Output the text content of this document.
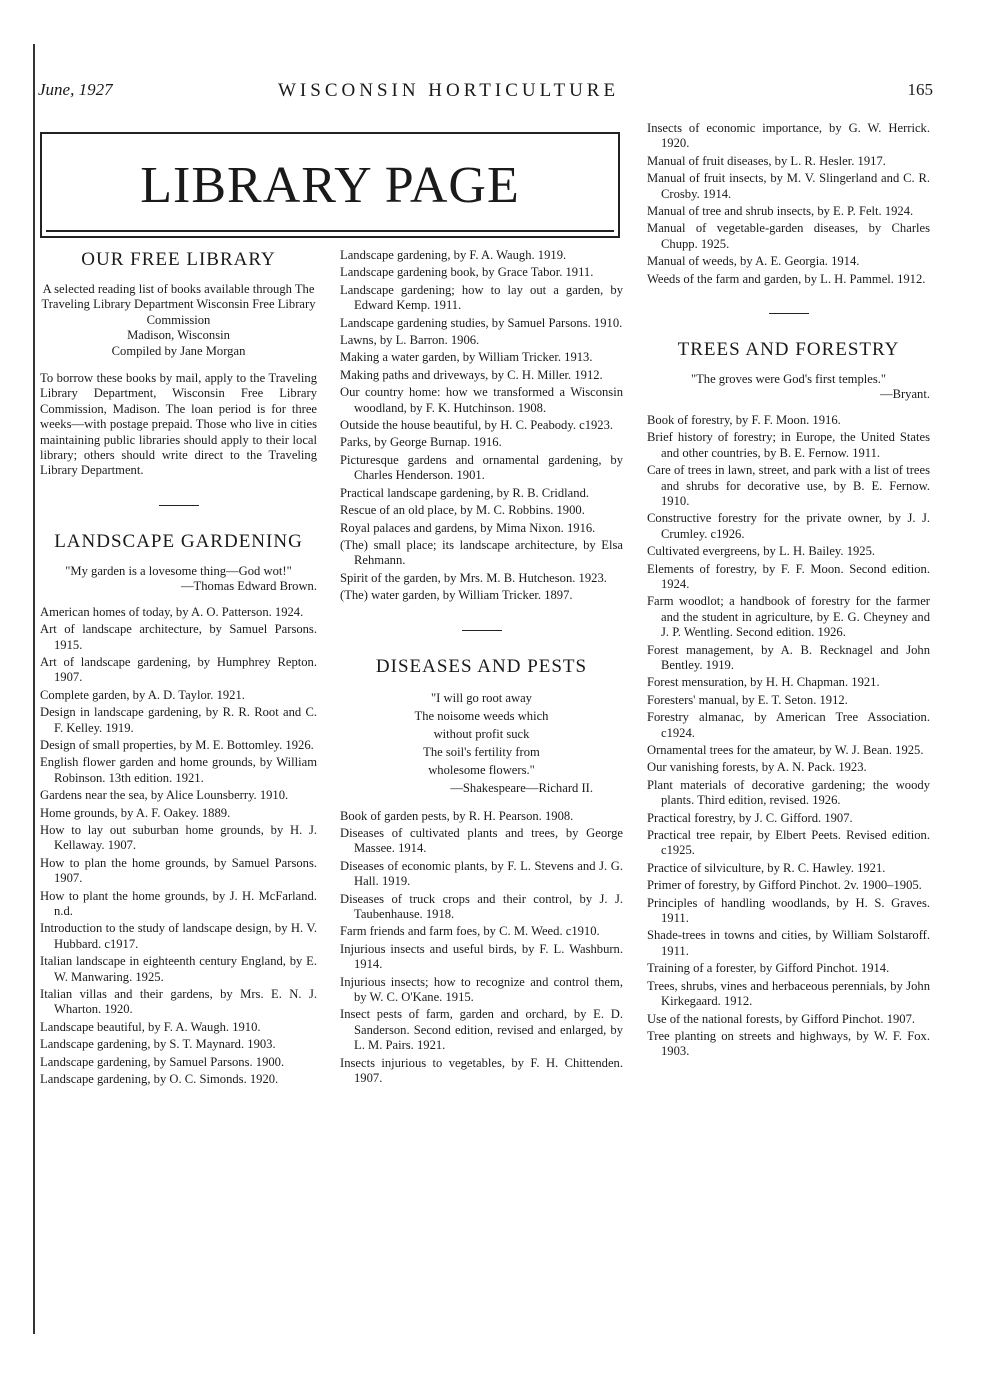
June, 1927	WISCONSIN HORTICULTURE	165
LIBRARY PAGE
OUR FREE LIBRARY

A selected reading list of books available through The Traveling Library Department Wisconsin Free Library Commission

Madison, Wisconsin

Compiled by Jane Morgan

To borrow these books by mail, apply to the Traveling Library Department, Wisconsin Free Library Commission, Madison. The loan period is for three weeks—with postage prepaid. Those who live in cities maintaining public libraries should apply to their local library; others should write direct to the Traveling Library Department.

LANDSCAPE GARDENING

"My garden is a lovesome thing—God wot!"

—Thomas Edward Brown.

American homes of today, by A. O. Patterson. 1924.

Art of landscape architecture, by Samuel Parsons. 1915.

Art of landscape gardening, by Humphrey Repton. 1907.

Complete garden, by A. D. Taylor. 1921.

Design in landscape gardening, by R. R. Root and C. F. Kelley. 1919.

Design of small properties, by M. E. Bottomley. 1926.

English flower garden and home grounds, by William Robinson. 13th edition. 1921.

Gardens near the sea, by Alice Lounsberry. 1910.

Home grounds, by A. F. Oakey. 1889.

How to lay out suburban home grounds, by H. J. Kellaway. 1907.

How to plan the home grounds, by Samuel Parsons. 1907.

How to plant the home grounds, by J. H. McFarland. n.d.

Introduction to the study of landscape design, by H. V. Hubbard. c1917.

Italian landscape in eighteenth century England, by E. W. Manwaring. 1925.

Italian villas and their gardens, by Mrs. E. N. J. Wharton. 1920.

Landscape beautiful, by F. A. Waugh. 1910.

Landscape gardening, by S. T. Maynard. 1903.

Landscape gardening, by Samuel Parsons. 1900.

Landscape gardening, by O. C. Simonds. 1920.

Landscape gardening, by F. A. Waugh. 1919.

Landscape gardening book, by Grace Tabor. 1911.

Landscape gardening; how to lay out a garden, by Edward Kemp. 1911.

Landscape gardening studies, by Samuel Parsons. 1910.

Lawns, by L. Barron. 1906.

Making a water garden, by William Tricker. 1913.

Making paths and driveways, by C. H. Miller. 1912.

Our country home: how we transformed a Wisconsin woodland, by F. K. Hutchinson. 1908.

Outside the house beautiful, by H. C. Peabody. c1923.

Parks, by George Burnap. 1916.

Picturesque gardens and ornamental gardening, by Charles Henderson. 1901.

Practical landscape gardening, by R. B. Cridland.

Rescue of an old place, by M. C. Robbins. 1900.

Royal palaces and gardens, by Mima Nixon. 1916.

(The) small place; its landscape architecture, by Elsa Rehmann.

Spirit of the garden, by Mrs. M. B. Hutcheson. 1923.

(The) water garden, by William Tricker. 1897.

DISEASES AND PESTS

"I will go root away

The noisome weeds which

without profit suck

The soil's fertility from

wholesome flowers."

—Shakespeare—Richard II.

Book of garden pests, by R. H. Pearson. 1908.

Diseases of cultivated plants and trees, by George Massee. 1914.

Diseases of economic plants, by F. L. Stevens and J. G. Hall. 1919.

Diseases of truck crops and their control, by J. J. Taubenhause. 1918.

Farm friends and farm foes, by C. M. Weed. c1910.

Injurious insects and useful birds, by F. L. Washburn. 1914.

Injurious insects; how to recognize and control them, by W. C. O'Kane. 1915.

Insect pests of farm, garden and orchard, by E. D. Sanderson. Second edition, revised and enlarged, by L. M. Pairs. 1921.

Insects injurious to vegetables, by F. H. Chittenden. 1907.

Insects of economic importance, by G. W. Herrick. 1920.

Manual of fruit diseases, by L. R. Hesler. 1917.

Manual of fruit insects, by M. V. Slingerland and C. R. Crosby. 1914.

Manual of tree and shrub insects, by E. P. Felt. 1924.

Manual of vegetable-garden diseases, by Charles Chupp. 1925.

Manual of weeds, by A. E. Georgia. 1914.

Weeds of the farm and garden, by L. H. Pammel. 1912.

TREES AND FORESTRY

"The groves were God's first temples."

—Bryant.

Book of forestry, by F. F. Moon. 1916.

Brief history of forestry; in Europe, the United States and other countries, by B. E. Fernow. 1911.

Care of trees in lawn, street, and park with a list of trees and shrubs for decorative use, by B. E. Fernow. 1910.

Constructive forestry for the private owner, by J. J. Crumley. c1926.

Cultivated evergreens, by L. H. Bailey. 1925.

Elements of forestry, by F. F. Moon. Second edition. 1924.

Farm woodlot; a handbook of forestry for the farmer and the student in agriculture, by E. G. Cheyney and J. P. Wentling. Second edition. 1926.

Forest management, by A. B. Recknagel and John Bentley. 1919.

Forest mensuration, by H. H. Chapman. 1921.

Foresters' manual, by E. T. Seton. 1912.

Forestry almanac, by American Tree Association. c1924.

Ornamental trees for the amateur, by W. J. Bean. 1925.

Our vanishing forests, by A. N. Pack. 1923.

Plant materials of decorative gardening; the woody plants. Third edition, revised. 1926.

Practical forestry, by J. C. Gifford. 1907.

Practical tree repair, by Elbert Peets. Revised edition. c1925.

Practice of silviculture, by R. C. Hawley. 1921.

Primer of forestry, by Gifford Pinchot. 2v. 1900–1905.

Principles of handling woodlands, by H. S. Graves. 1911.

Shade-trees in towns and cities, by William Solstaroff. 1911.

Training of a forester, by Gifford Pinchot. 1914.

Trees, shrubs, vines and herbaceous perennials, by John Kirkegaard. 1912.

Use of the national forests, by Gifford Pinchot. 1907.

Tree planting on streets and highways, by W. F. Fox. 1903.
